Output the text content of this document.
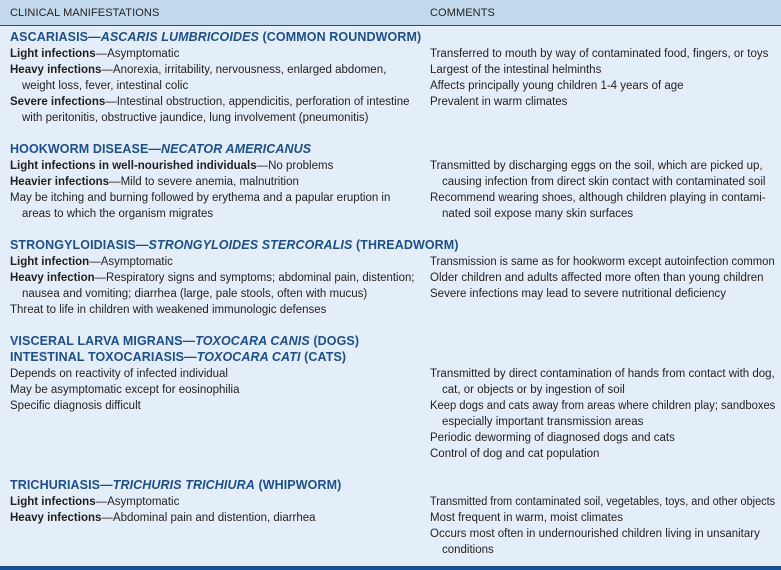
CLINICAL MANIFESTATIONS	COMMENTS
ASCARIASIS—ASCARIS LUMBRICOIDES (COMMON ROUNDWORM)
Light infections—Asymptomatic
Heavy infections—Anorexia, irritability, nervousness, enlarged abdomen,
weight loss, fever, intestinal colic
Severe infections—Intestinal obstruction, appendicitis, perforation of intestine
with peritonitis, obstructive jaundice, lung involvement (pneumonitis)
Transferred to mouth by way of contaminated food, fingers, or toys
Largest of the intestinal helminths
Affects principally young children 1-4 years of age
Prevalent in warm climates
HOOKWORM DISEASE—NECATOR AMERICANUS
Light infections in well-nourished individuals—No problems
Heavier infections—Mild to severe anemia, malnutrition
May be itching and burning followed by erythema and a papular eruption in
areas to which the organism migrates
Transmitted by discharging eggs on the soil, which are picked up,
causing infection from direct skin contact with contaminated soil
Recommend wearing shoes, although children playing in contami-
nated soil expose many skin surfaces
STRONGYLOIDIASIS—STRONGYLOIDES STERCORALIS (THREADWORM)
Light infection—Asymptomatic
Heavy infection—Respiratory signs and symptoms; abdominal pain, distention;
nausea and vomiting; diarrhea (large, pale stools, often with mucus)
Threat to life in children with weakened immunologic defenses
Transmission is same as for hookworm except autoinfection common
Older children and adults affected more often than young children
Severe infections may lead to severe nutritional deficiency
VISCERAL LARVA MIGRANS—TOXOCARA CANIS (DOGS)
INTESTINAL TOXOCARIASIS—TOXOCARA CATI (CATS)
Depends on reactivity of infected individual
May be asymptomatic except for eosinophilia
Specific diagnosis difficult
Transmitted by direct contamination of hands from contact with dog,
cat, or objects or by ingestion of soil
Keep dogs and cats away from areas where children play; sandboxes
especially important transmission areas
Periodic deworming of diagnosed dogs and cats
Control of dog and cat population
TRICHURIASIS—TRICHURIS TRICHIURA (WHIPWORM)
Light infections—Asymptomatic
Heavy infections—Abdominal pain and distention, diarrhea
Transmitted from contaminated soil, vegetables, toys, and other objects
Most frequent in warm, moist climates
Occurs most often in undernourished children living in unsanitary
conditions
